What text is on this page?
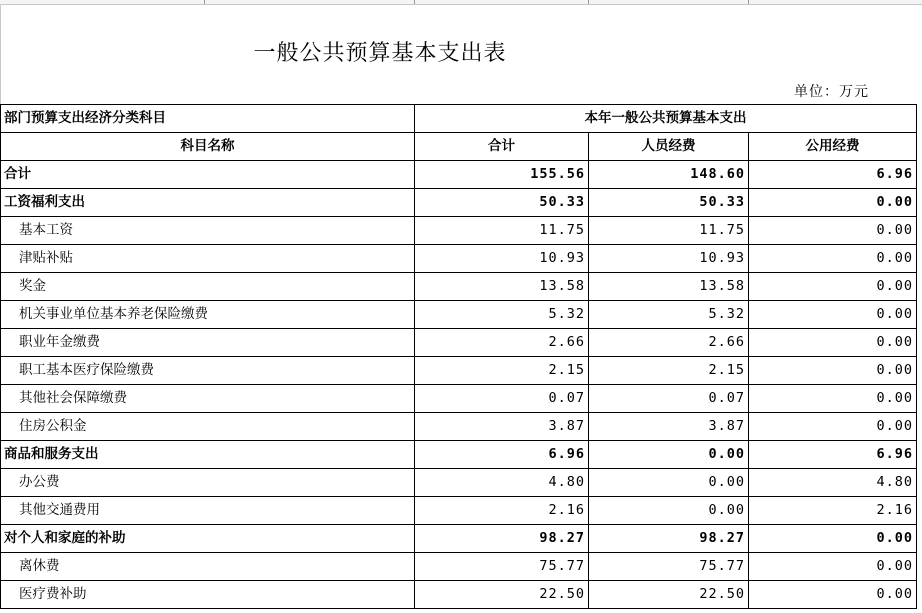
一般公共预算基本支出表
单位：万元
部门预算支出经济分类科目	本年一般公共预算基本支出		
科目名称	合计	人员经费	公用经费
合计	155.56	148.60	6.96
工资福利支出	50.33	50.33	0.00
基本工资	11.75	11.75	0.00
津贴补贴	10.93	10.93	0.00
奖金	13.58	13.58	0.00
机关事业单位基本养老保险缴费	5.32	5.32	0.00
职业年金缴费	2.66	2.66	0.00
职工基本医疗保险缴费	2.15	2.15	0.00
其他社会保障缴费	0.07	0.07	0.00
住房公积金	3.87	3.87	0.00
商品和服务支出	6.96	0.00	6.96
办公费	4.80	0.00	4.80
其他交通费用	2.16	0.00	2.16
对个人和家庭的补助	98.27	98.27	0.00
离休费	75.77	75.77	0.00
医疗费补助	22.50	22.50	0.00
